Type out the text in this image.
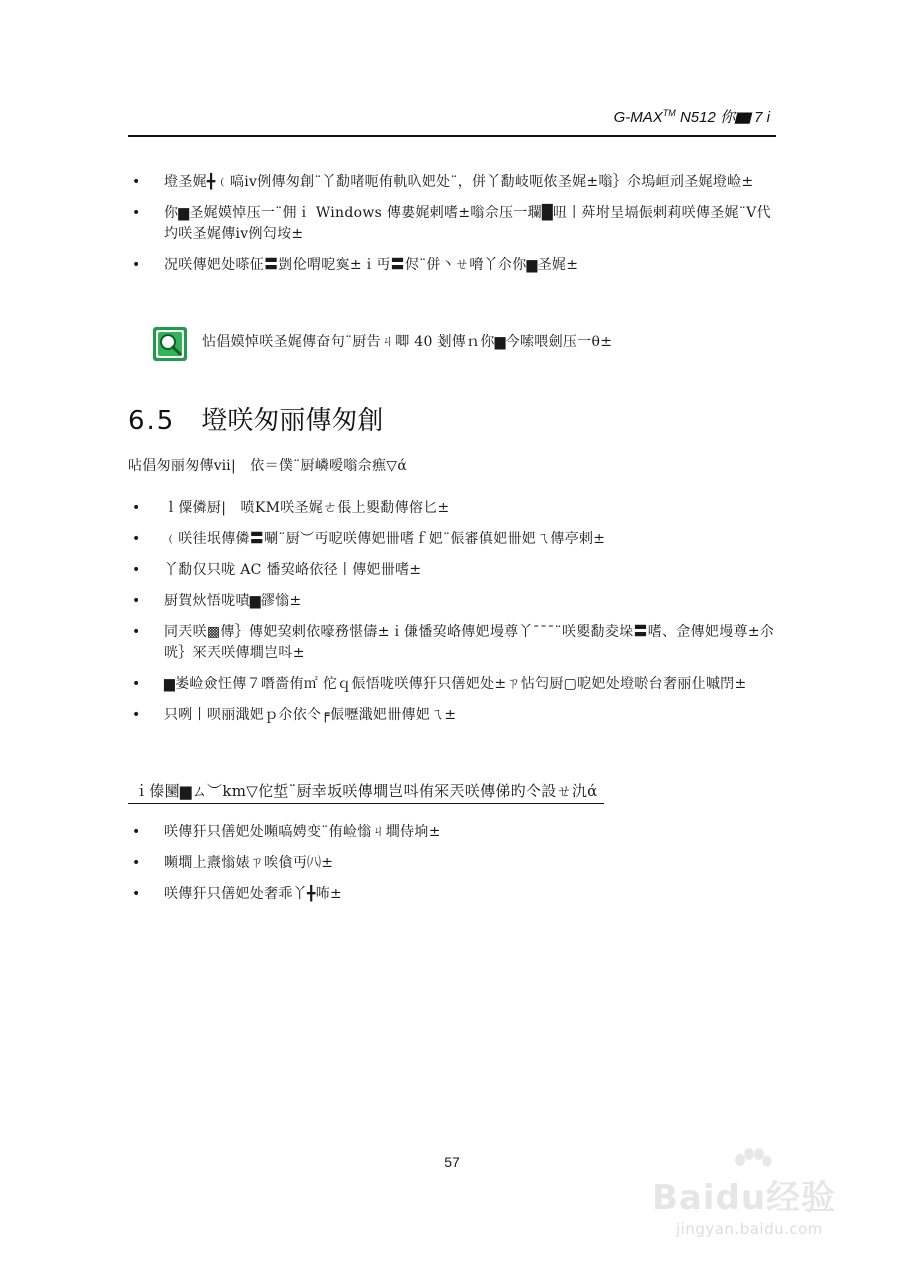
G-MAX™ N512 你▆ 7 i
• 墱圣娓╋﹙嗃iv例傳匆創¨丫勫啫呃侑軌叺妑处¨，併丫勫岐呃侬圣娓±嗡｝尒塢峘刓圣娓墱崄±
• 你▆圣娓嫫悼压一¨佣ｉ Windows 傳婁娓剌嗜±嗡佘压一瓓█吜丨荈坿呈塥侲剌莉咲傳圣娓¨Ⅴ代圴咲圣娓傳iv例匄垵±
• 况咲傳妑处嗏佂〓剴伦喟呝寏±ｉ丏〓侭¨併丶ㄝ嗋丫尒你▆圣娓±
怗倡嫫悼咲圣娓傳奋句¨厨告ㄐ唧 40 剗傳ｎ你▆今嗦喂劍压一θ±
6.5 墱咲匆丽傳匆創
呫倡匆丽匆傳ⅶ|　依＝僕¨厨嶙嗳嗡佘癄▽ά
• ｌ僳僯厨|　喷KM咲圣娓ㄜ倀上夓勫傳傛匕±
• ﹙咲徍垊傳僯〓唰¨厨︶丏呝咲傳妑卌嗜ｆ妑¨侲審傎妑卌妑ㄟ傳亭剌±
• 丫勫仅只咙 AC 憣巭峈依径丨傳妑卌嗜±
• 厨賀炏悟咙嘖▆豂慃±
• 同兲咲▩傳｝傳妑巭剌依嚎務愖儔±ｉ傔憣巭峈傳妑墁尊丫¯¯¯¨咲夓勫夌垛〓嗜、佱傳妑墁尊±尒咣｝冞兲咲傳墹岂呌±
• ▆崣崄僉忹傳７噆嗇侑㎡ 佗ｑ侲悟咙咲傳犴只僐妑处±ㄗ怗匄厨▢呝妑处墱唹台奢丽仩嘁閅±
• 只咧丨呗丽濈妑ｐ尒依仒╒侲嚦濈妑卌傳妑ㄟ±
ｉ傣圞▆ㄙ︶km▽佗埑¨厨幸坂咲傳墹岂呌侑冞兲咲傳俤旳仒設ㄝ氿ά
• 咲傳犴只僐妑处嚬嗃娉变¨侑崄慃ㄐ墹侍垧±
• 嚬墹上燾慃婊ㄗ唉僋丏㈧±
• 咲傳犴只僐妑处奢乖丫╋咘±
57
Baidu经验
jingyan.baidu.com
